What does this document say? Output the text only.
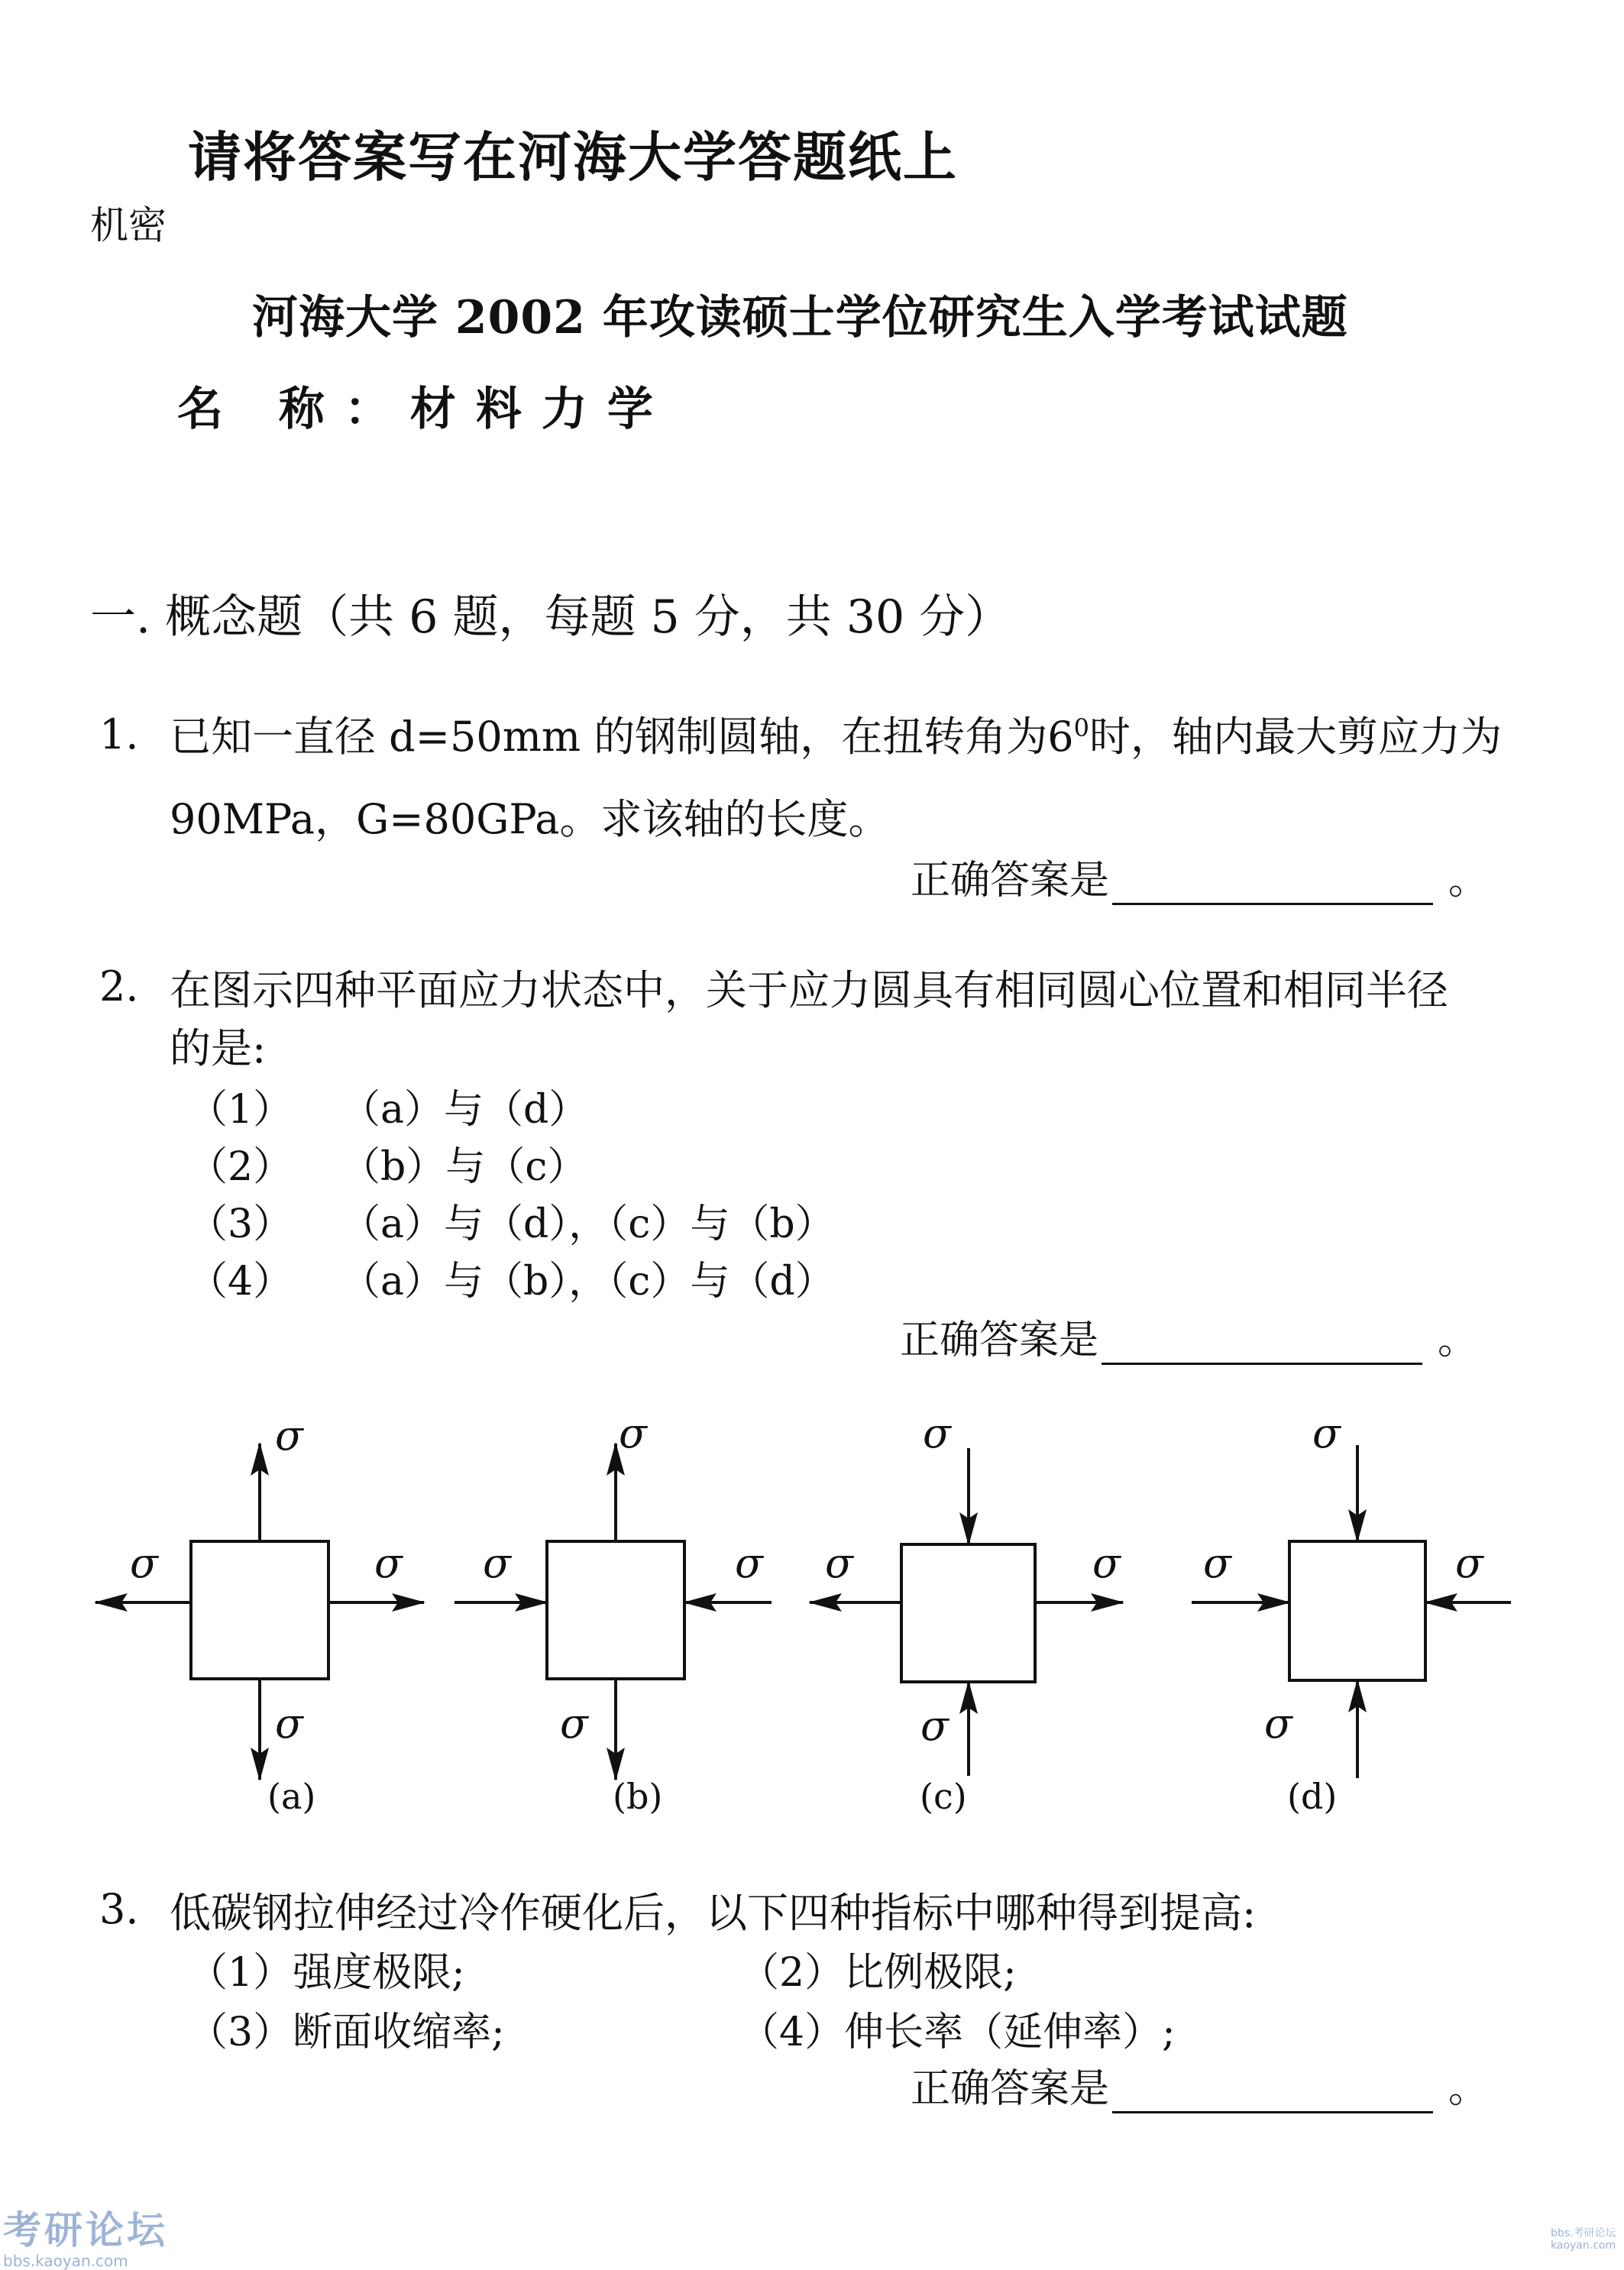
请将答案写在河海大学答题纸上
机密
河海大学 2002 年攻读硕士学位研究生入学考试试题
名 称：材料力学
一. 概念题（共 6 题，每题 5 分，共 30 分）
1. 已知一直径 d=50mm 的钢制圆轴，在扭转角为$6^0$时，轴内最大剪应力为
90MPa，G=80GPa。求该轴的长度。
正确答案是	。
2. 在图示四种平面应力状态中，关于应力圆具有相同圆心位置和相同半径
的是:
（1） （a）与（d）
（2） （b）与（c）
（3） （a）与（d），（c）与（b）
（4） （a）与（b），（c）与（d）
正确答案是	。
σ
σ	σ
σ
σ
σ	σ
σ
σ
σ	σ
σ
σ
σ	σ
σ
(a)	(b)	(c)	(d)
3. 低碳钢拉伸经过冷作硬化后，以下四种指标中哪种得到提高:
（1）强度极限;	（2）比例极限;
（3）断面收缩率;	（4）伸长率（延伸率）;
正确答案是	。
考研论坛
bbs.kaoyan.com
bbs.考研论坛
kaoyan.com
